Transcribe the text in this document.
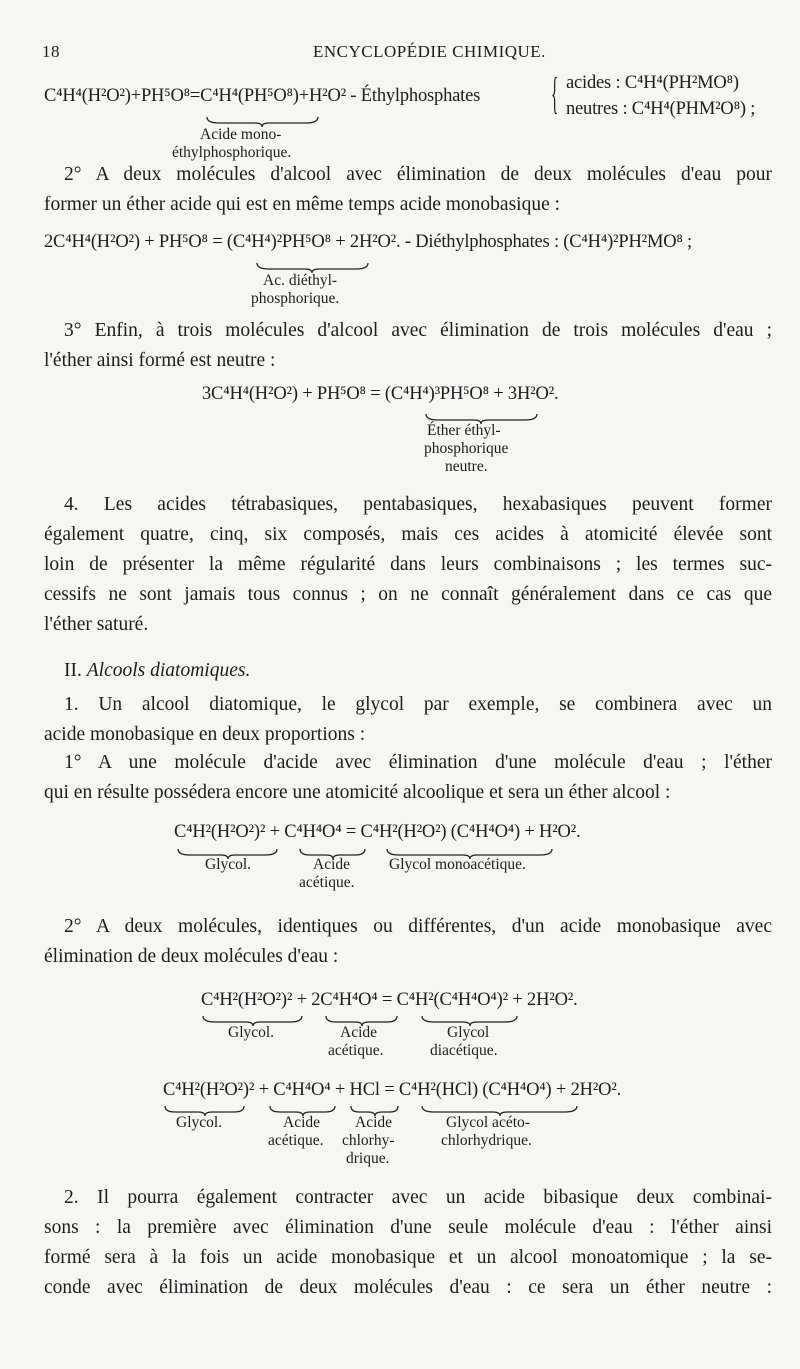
18	ENCYCLOPÉDIE CHIMIQUE.
C⁴H⁴(H²O²)+PH⁵O⁸=C⁴H⁴(PH⁵O⁸)+H²O² - Éthylphosphates
Acide mono-
éthylphosphorique.
{ acides : C⁴H⁴(PH²MO⁸)
neutres : C⁴H⁴(PHM²O⁸) ;
2° A deux molécules d'alcool avec élimination de deux molécules d'eau pour
former un éther acide qui est en même temps acide monobasique :
2C⁴H⁴(H²O²) + PH⁵O⁸ = (C⁴H⁴)²PH⁵O⁸ + 2H²O². - Diéthylphosphates : (C⁴H⁴)²PH²MO⁸ ;
Ac. diéthyl-
phosphorique.
3° Enfin, à trois molécules d'alcool avec élimination de trois molécules d'eau ;
l'éther ainsi formé est neutre :
3C⁴H⁴(H²O²) + PH⁵O⁸ = (C⁴H⁴)³PH⁵O⁸ + 3H²O².
Éther éthyl-
phosphorique
neutre.
4. Les acides tétrabasiques, pentabasiques, hexabasiques peuvent former
également quatre, cinq, six composés, mais ces acides à atomicité élevée sont
loin de présenter la même régularité dans leurs combinaisons ; les termes suc-
cessifs ne sont jamais tous connus ; on ne connaît généralement dans ce cas que
l'éther saturé.
II. Alcools diatomiques.
1. Un alcool diatomique, le glycol par exemple, se combinera avec un
acide monobasique en deux proportions :
1° A une molécule d'acide avec élimination d'une molécule d'eau ; l'éther
qui en résulte possédera encore une atomicité alcoolique et sera un éther alcool :
C⁴H²(H²O²)² + C⁴H⁴O⁴ = C⁴H²(H²O²) (C⁴H⁴O⁴) + H²O².
Glycol.	Acide
acétique.
Glycol monoacétique.
2° A deux molécules, identiques ou différentes, d'un acide monobasique avec
élimination de deux molécules d'eau :
C⁴H²(H²O²)² + 2C⁴H⁴O⁴ = C⁴H²(C⁴H⁴O⁴)² + 2H²O².
Glycol.	Acide
acétique.
Glycol
diacétique.
C⁴H²(H²O²)² + C⁴H⁴O⁴ + HCl = C⁴H²(HCl) (C⁴H⁴O⁴) + 2H²O².
Glycol.	Acide
acétique.
Acide
chlorhy-
drique.
Glycol acéto-
chlorhydrique.
2. Il pourra également contracter avec un acide bibasique deux combinai-
sons : la première avec élimination d'une seule molécule d'eau : l'éther ainsi
formé sera à la fois un acide monobasique et un alcool monoatomique ; la se-
conde avec élimination de deux molécules d'eau : ce sera un éther neutre :
